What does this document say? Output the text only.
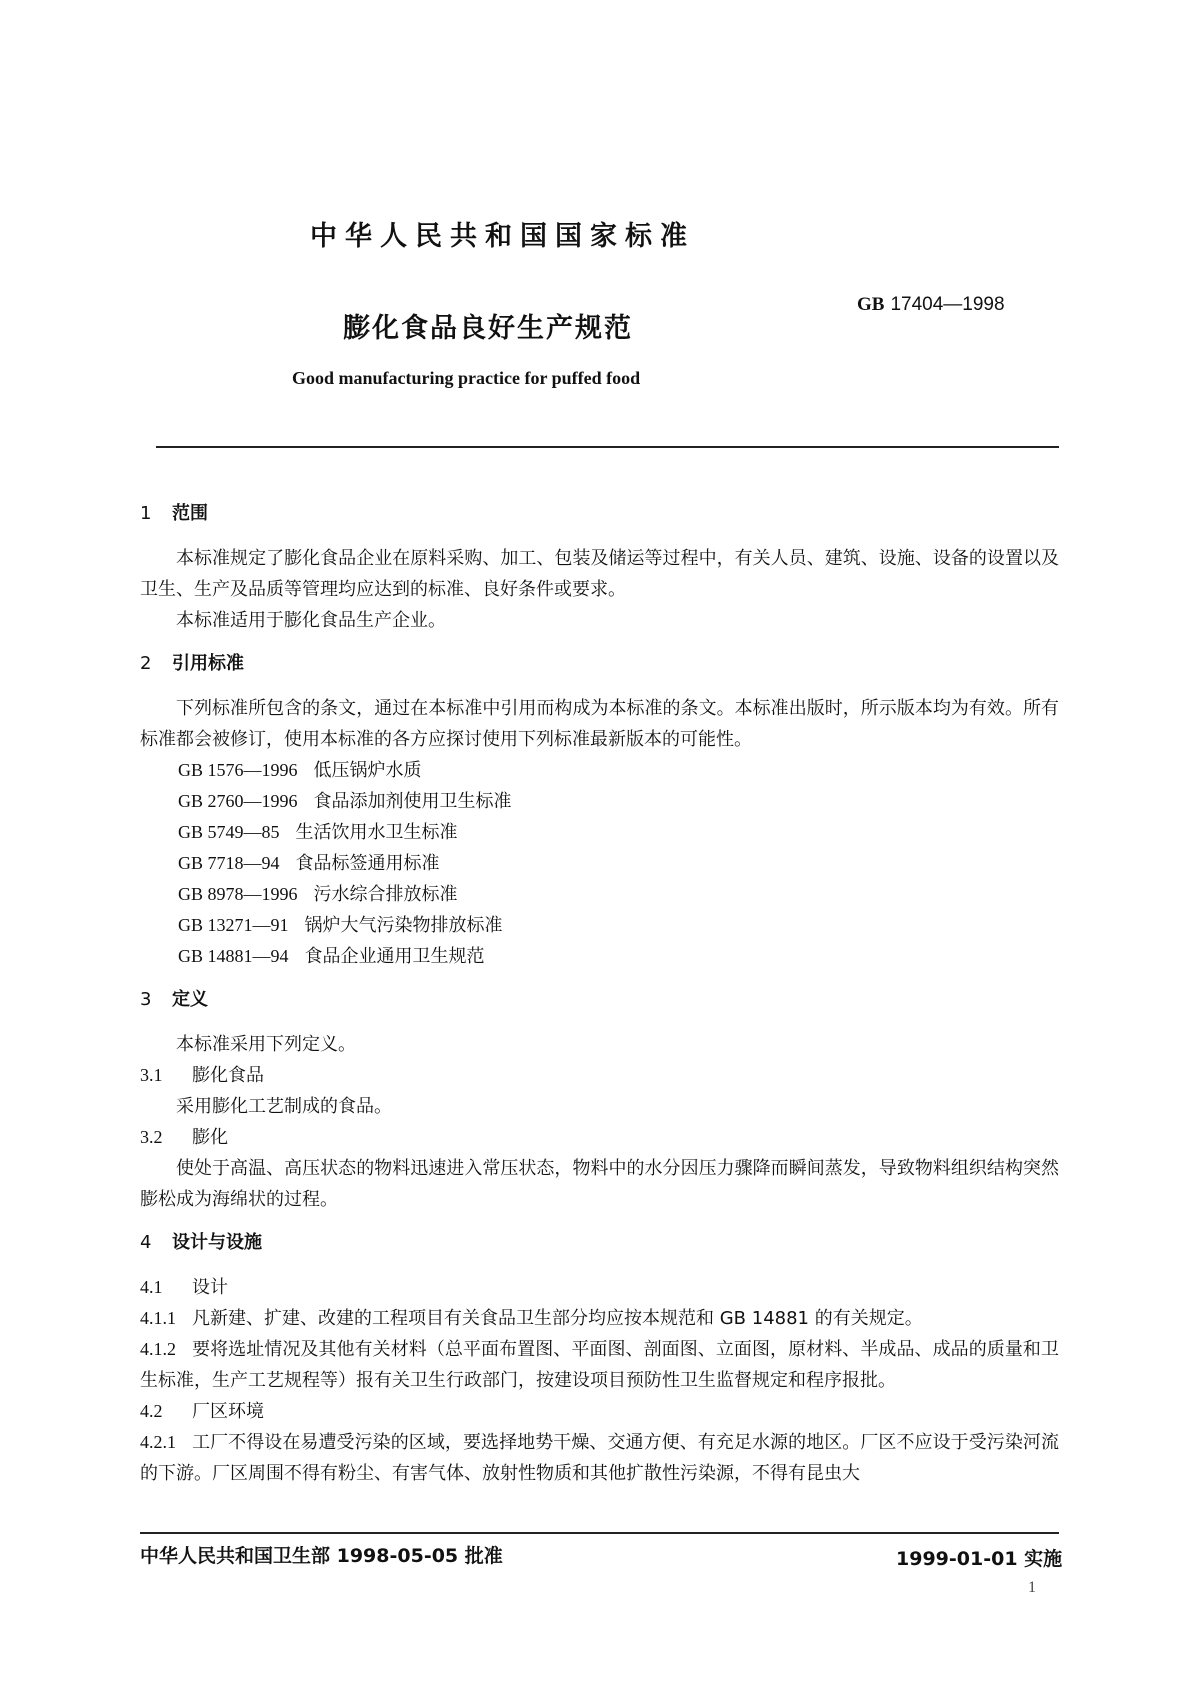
中华人民共和国国家标准
膨化食品良好生产规范
GB 17404—1998
Good manufacturing practice for puffed food

1 范围

本标准规定了膨化食品企业在原料采购、加工、包装及储运等过程中，有关人员、建筑、设施、设备的设置以及卫生、生产及品质等管理均应达到的标准、良好条件或要求。

本标准适用于膨化食品生产企业。

2 引用标准

下列标准所包含的条文，通过在本标准中引用而构成为本标准的条文。本标准出版时，所示版本均为有效。所有标准都会被修订，使用本标准的各方应探讨使用下列标准最新版本的可能性。

GB 1576—1996 低压锅炉水质

GB 2760—1996 食品添加剂使用卫生标准

GB 5749—85 生活饮用水卫生标准

GB 7718—94 食品标签通用标准

GB 8978—1996 污水综合排放标准

GB 13271—91 锅炉大气污染物排放标准

GB 14881—94 食品企业通用卫生规范

3 定义

本标准采用下列定义。

3.1 膨化食品

采用膨化工艺制成的食品。

3.2 膨化

使处于高温、高压状态的物料迅速进入常压状态，物料中的水分因压力骤降而瞬间蒸发，导致物料组织结构突然膨松成为海绵状的过程。

4 设计与设施

4.1 设计

4.1.1 凡新建、扩建、改建的工程项目有关食品卫生部分均应按本规范和 GB 14881 的有关规定。

4.1.2 要将选址情况及其他有关材料（总平面布置图、平面图、剖面图、立面图，原材料、半成品、成品的质量和卫生标准，生产工艺规程等）报有关卫生行政部门，按建设项目预防性卫生监督规定和程序报批。

4.2 厂区环境

4.2.1 工厂不得设在易遭受污染的区域，要选择地势干燥、交通方便、有充足水源的地区。厂区不应设于受污染河流的下游。厂区周围不得有粉尘、有害气体、放射性物质和其他扩散性污染源，不得有昆虫大

中华人民共和国卫生部 1998-05-05 批准	1999-01-01 实施
1
